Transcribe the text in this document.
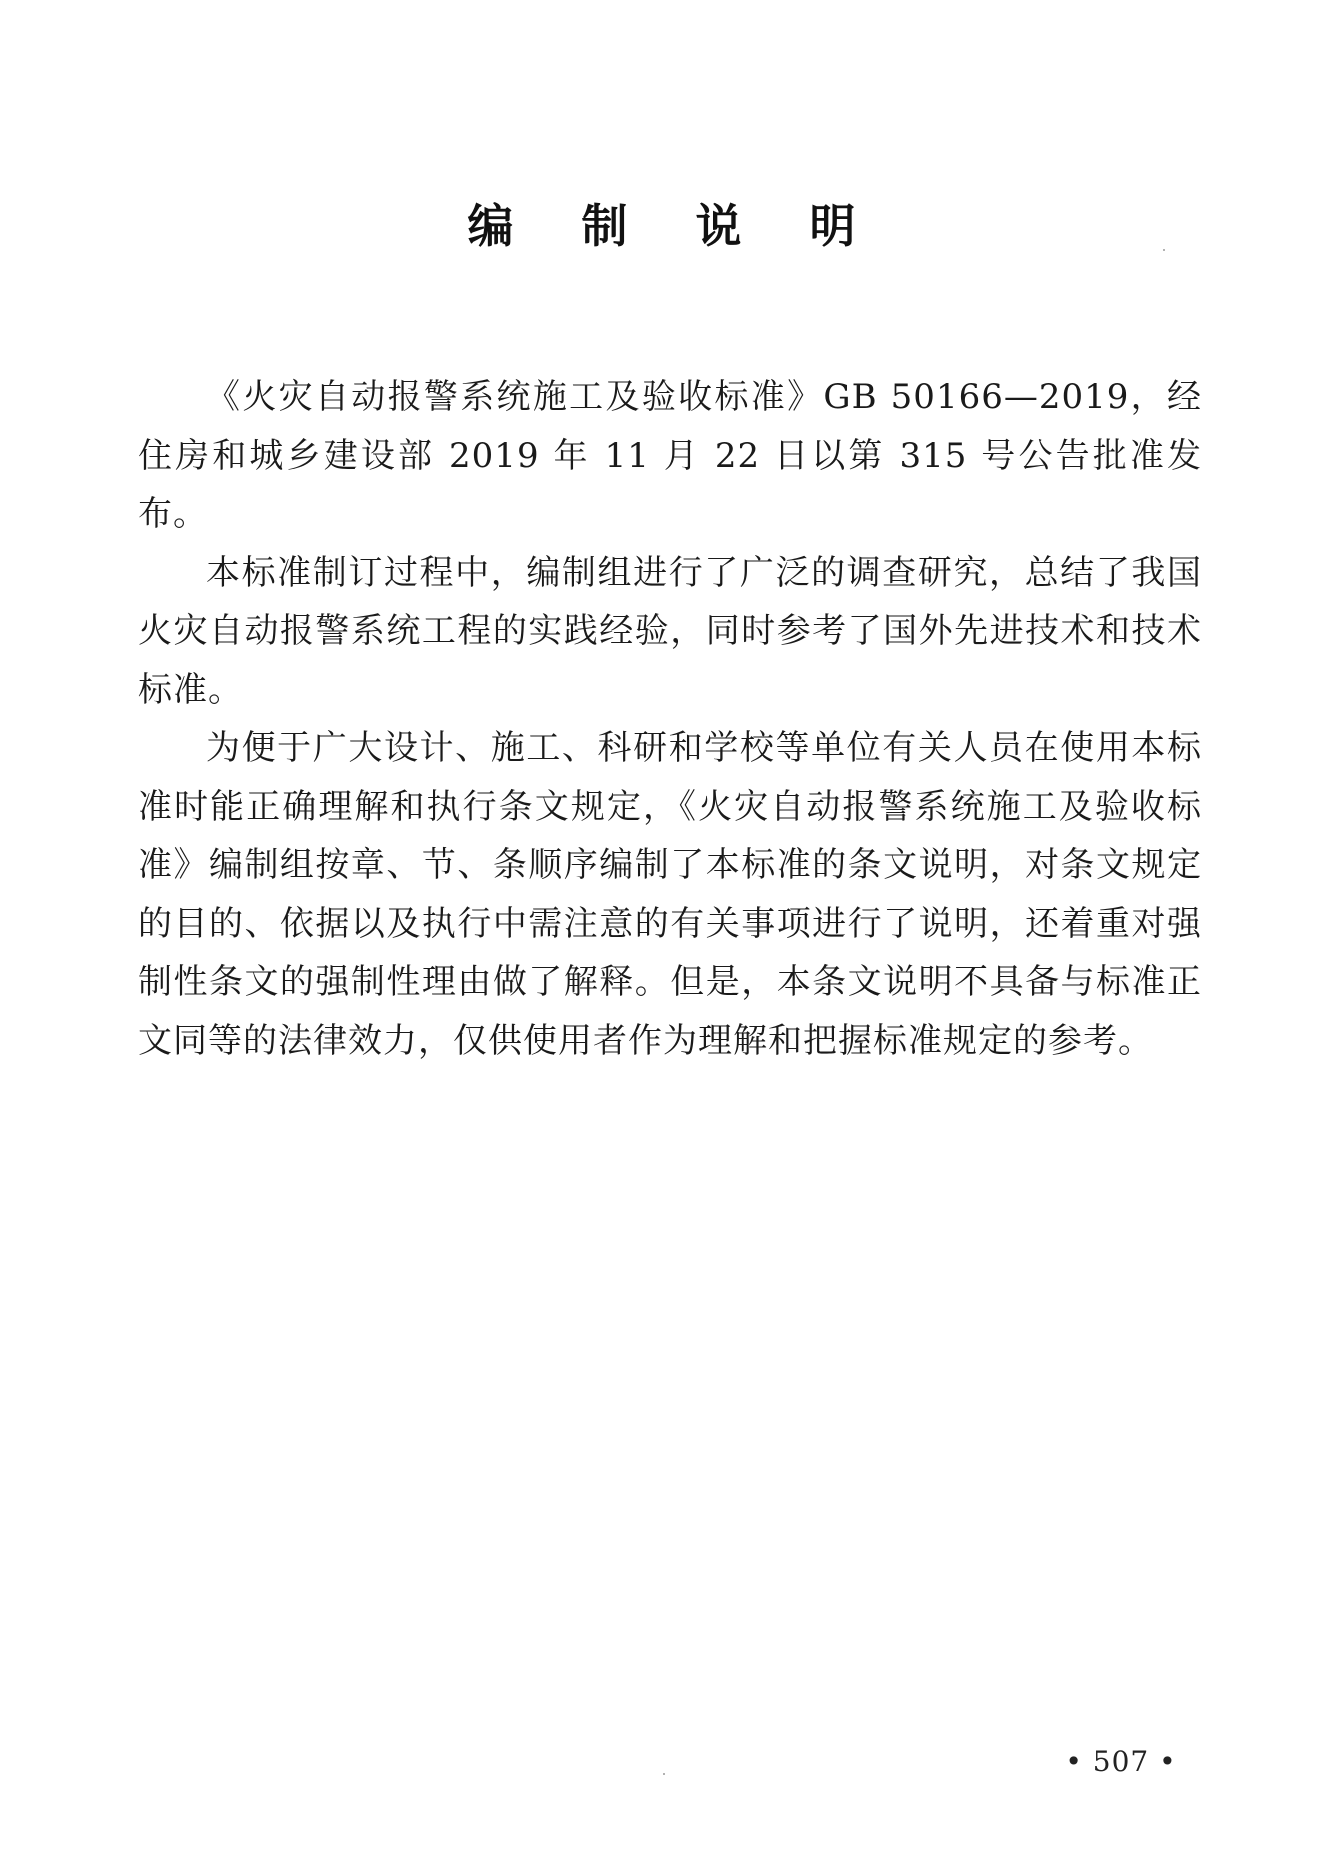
编 制 说 明

《火灾自动报警系统施工及验收标准》GB 50166—2019，经住房和城乡建设部 2019 年 11 月 22 日以第 315 号公告批准发布。

本标准制订过程中，编制组进行了广泛的调查研究，总结了我国火灾自动报警系统工程的实践经验，同时参考了国外先进技术和技术标准。

为便于广大设计、施工、科研和学校等单位有关人员在使用本标准时能正确理解和执行条文规定，《火灾自动报警系统施工及验收标准》编制组按章、节、条顺序编制了本标准的条文说明，对条文规定的目的、依据以及执行中需注意的有关事项进行了说明，还着重对强制性条文的强制性理由做了解释。但是，本条文说明不具备与标准正文同等的法律效力，仅供使用者作为理解和把握标准规定的参考。

• 507 •
